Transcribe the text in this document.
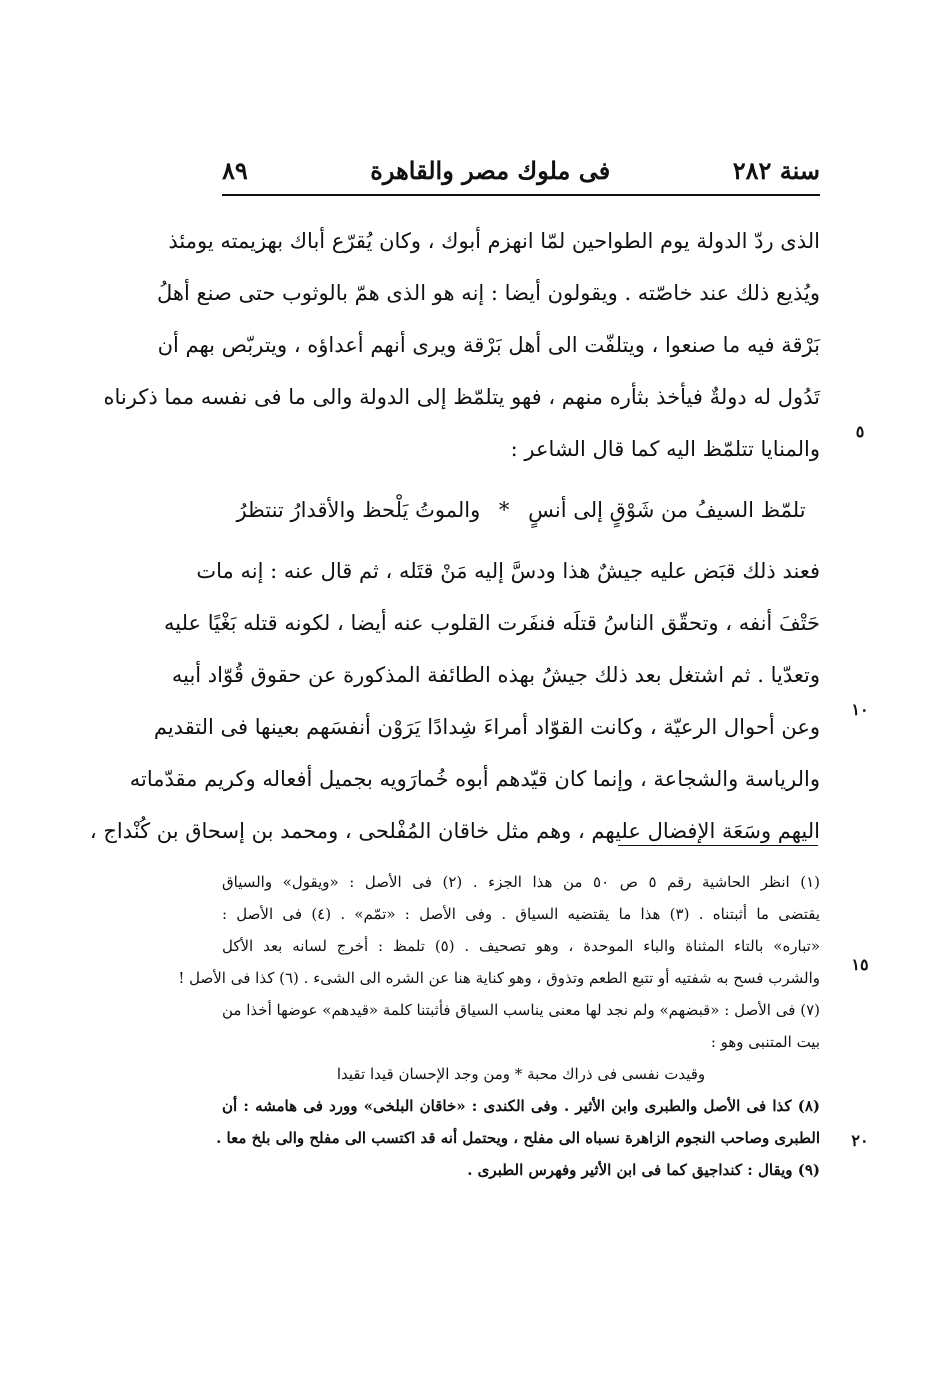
سنة ٢٨٢
فى ملوك مصر والقاهرة
٨٩
الذى ردّ الدولة يوم الطواحين لمّا انهزم أبوك ، وكان يُقرّع أباك بهزيمته يومئذ
ويُذيع ذلك عند خاصّته . ويقولون أيضا : إنه هو الذى همّ بالوثوب حتى صنع أهلُ
بَرْقة فيه ما صنعوا ، ويتلفّت الى أهل بَرْقة ويرى أنهم أعداؤه ، ويتربّص بهم أن
تَدُول له دولةٌ فيأخذ بثأره منهم ، فهو يتلمّظ إلى الدولة والى ما فى نفسه مما ذكرناه
والمنايا تتلمّظ اليه كما قال الشاعر :
تلمّظ السيفُ من شَوْقٍ إلى أنسٍ * والموتُ يَلْحظ والأقدارُ تنتظرُ
فعند ذلك قبَض عليه جيشٌ هذا ودسَّ إليه مَنْ قتَله ، ثم قال عنه : إنه مات
حَتْفَ أنفه ، وتحقّق الناسُ قتلَه فنفَرت القلوب عنه أيضا ، لكونه قتله بَغْيًا عليه
وتعدّيا . ثم اشتغل بعد ذلك جيشُ بهذه الطائفة المذكورة عن حقوق قُوّاد أبيه
وعن أحوال الرعيّة ، وكانت القوّاد أمراءَ شِدادًا يَرَوْن أنفسَهم بعينها فى التقديم
والرياسة والشجاعة ، وإنما كان قيّدهم أبوه خُمارَويه بجميل أفعاله وكريم مقدّماته
اليهم وسَعَة الإفضال عليهم ، وهم مثل خاقان المُفْلحى ، ومحمد بن إسحاق بن كُنْداج ،
٥
١٠
١٥
٢٠
(١) انظر الحاشية رقم ٥ ص ٥٠ من هذا الجزء . (٢) فى الأصل : «ويقول» والسياق
يقتضى ما أثبتناه . (٣) هذا ما يقتضيه السياق . وفى الأصل : «تمّم» . (٤) فى الأصل :
«تباره» بالتاء المثناة والباء الموحدة ، وهو تصحيف . (٥) تلمظ : أخرج لسانه بعد الأكل
والشرب فسح به شفتيه أو تتبع الطعم وتذوق ، وهو كناية هنا عن الشره الى الشىء . (٦) كذا فى الأصل !
(٧) فى الأصل : «قبضهم» ولم نجد لها معنى يناسب السياق فأثبتنا كلمة «قيدهم» عوضها أخذا من
بيت المتنبى وهو :
وقيدت نفسى فى ذراك محبة * ومن وجد الإحسان قيدا تقيدا
(٨) كذا فى الأصل والطبرى وابن الأثير . وفى الكندى : «خاقان البلخى» وورد فى هامشه : أن
الطبرى وصاحب النجوم الزاهرة نسباه الى مفلح ، ويحتمل أنه قد اكتسب الى مفلح والى بلخ معا .
(٩) ويقال : كنداجيق كما فى ابن الأثير وفهرس الطبرى .
